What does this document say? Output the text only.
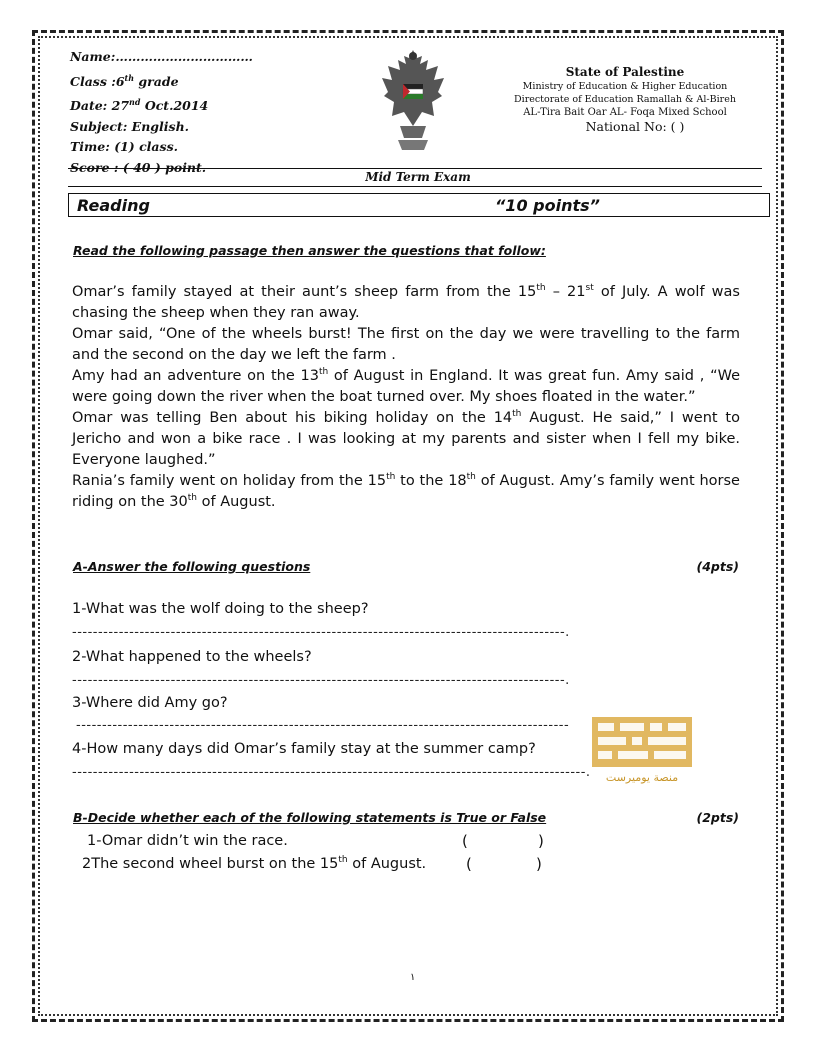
Name:……………………………
Class :6th grade
Date: 27nd Oct.2014
Subject: English.
Time: (1) class.
Score : ( 40 ) point.
State of Palestine
Ministry of Education & Higher Education
Directorate of Education Ramallah & Al-Bireh
AL-Tira Bait Oar AL- Foqa Mixed School
National No: ( )
Mid Term Exam
Reading	“10 points”
Read the following passage then answer the questions that follow:

Omar’s family stayed at their aunt’s sheep farm from the 15th – 21st of July. A wolf was chasing the sheep when they ran away.

Omar said, “One of the wheels burst! The first on the day we were travelling to the farm and the second on the day we left the farm .

Amy had an adventure on the 13th of August in England. It was great fun. Amy said , “We were going down the river when the boat turned over. My shoes floated in the water.”

Omar was telling Ben about his biking holiday on the 14th August. He said,” I went to Jericho and won a bike race . I was looking at my parents and sister when I fell my bike. Everyone laughed.”

Rania’s family went on holiday from the 15th to the 18th of August. Amy’s family went horse riding on the 30th of August.

A-Answer the following questions	(4pts)
1-What was the wolf doing to the sheep?
-----------------------------------------------------------------------------------------------.
2-What happened to the wheels?
-----------------------------------------------------------------------------------------------.
3-Where did Amy go?
-----------------------------------------------------------------------------------------------
4-How many days did Omar’s family stay at the summer camp?
---------------------------------------------------------------------------------------------------. منصة يوميرست
B-Decide whether each of the following statements is True or False	(2pts)
1-Omar didn’t win the race.	(	)
2The second wheel burst on the 15th of August.	(	)
١
